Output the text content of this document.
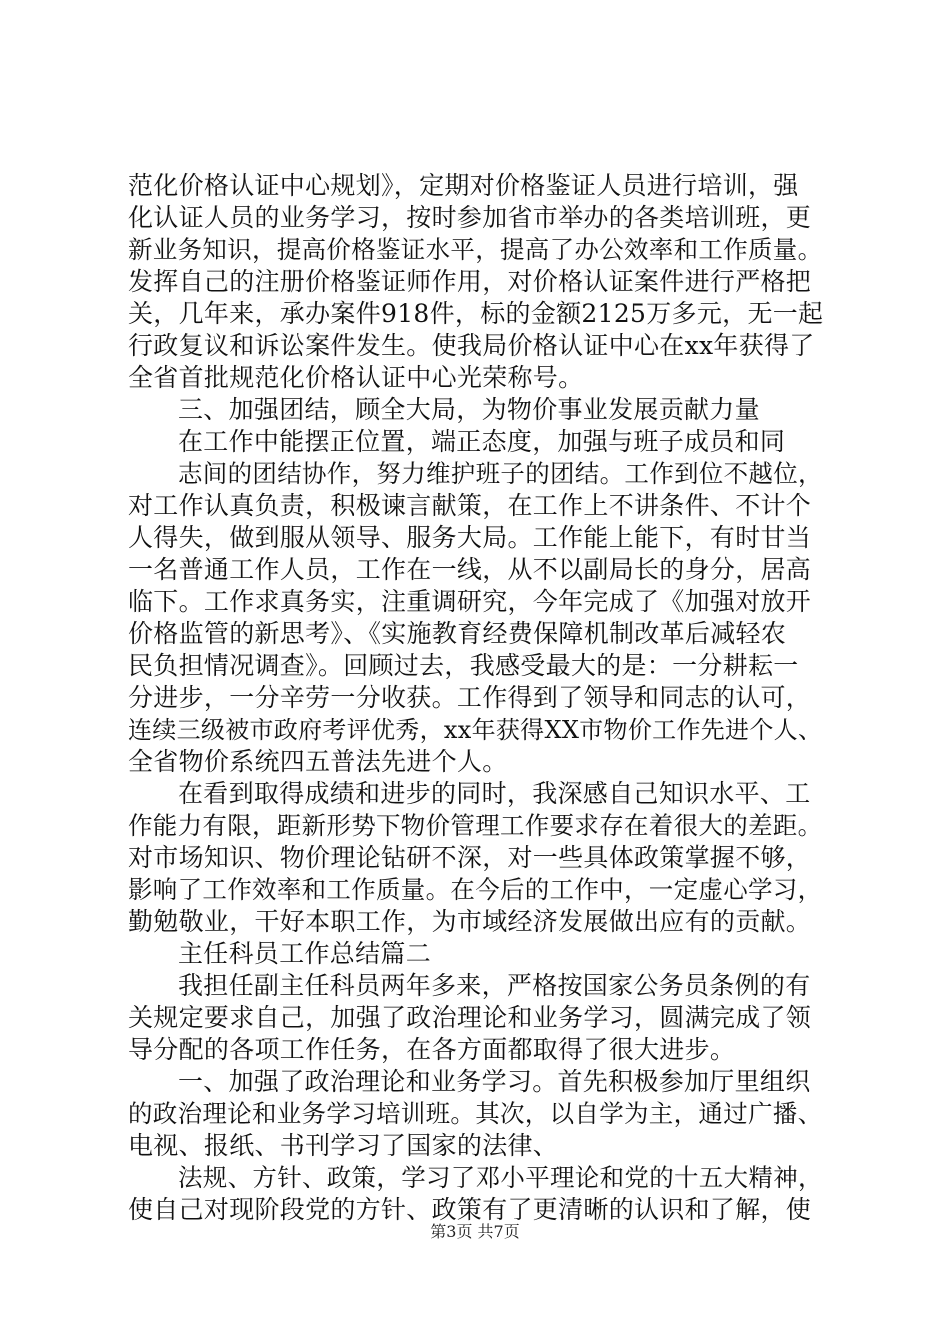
范化价格认证中心规划》，定期对价格鉴证人员进行培训，强
化认证人员的业务学习，按时参加省市举办的各类培训班，更
新业务知识，提高价格鉴证水平，提高了办公效率和工作质量。
发挥自己的注册价格鉴证师作用，对价格认证案件进行严格把
关，几年来，承办案件918件，标的金额2125万多元，无一起
行政复议和诉讼案件发生。使我局价格认证中心在xx年获得了
全省首批规范化价格认证中心光荣称号。
三、加强团结，顾全大局，为物价事业发展贡献力量
在工作中能摆正位置，端正态度，加强与班子成员和同
志间的团结协作，努力维护班子的团结。工作到位不越位，
对工作认真负责，积极谏言献策，在工作上不讲条件、不计个
人得失，做到服从领导、服务大局。工作能上能下，有时甘当
一名普通工作人员，工作在一线，从不以副局长的身分，居高
临下。工作求真务实，注重调研究，今年完成了《加强对放开
价格监管的新思考》、《实施教育经费保障机制改革后减轻农
民负担情况调查》。回顾过去，我感受最大的是：一分耕耘一
分进步，一分辛劳一分收获。工作得到了领导和同志的认可，
连续三级被市政府考评优秀，xx年获得XX市物价工作先进个人、
全省物价系统四五普法先进个人。
在看到取得成绩和进步的同时，我深感自己知识水平、工
作能力有限，距新形势下物价管理工作要求存在着很大的差距。
对市场知识、物价理论钻研不深，对一些具体政策掌握不够，
影响了工作效率和工作质量。在今后的工作中，一定虚心学习，
勤勉敬业，干好本职工作，为市域经济发展做出应有的贡献。
主任科员工作总结篇二
我担任副主任科员两年多来，严格按国家公务员条例的有
关规定要求自己，加强了政治理论和业务学习，圆满完成了领
导分配的各项工作任务，在各方面都取得了很大进步。
一、加强了政治理论和业务学习。首先积极参加厅里组织
的政治理论和业务学习培训班。其次，以自学为主，通过广播、
电视、报纸、书刊学习了国家的法律、
法规、方针、政策，学习了邓小平理论和党的十五大精神，
使自己对现阶段党的方针、政策有了更清晰的认识和了解，使
第3页 共7页
